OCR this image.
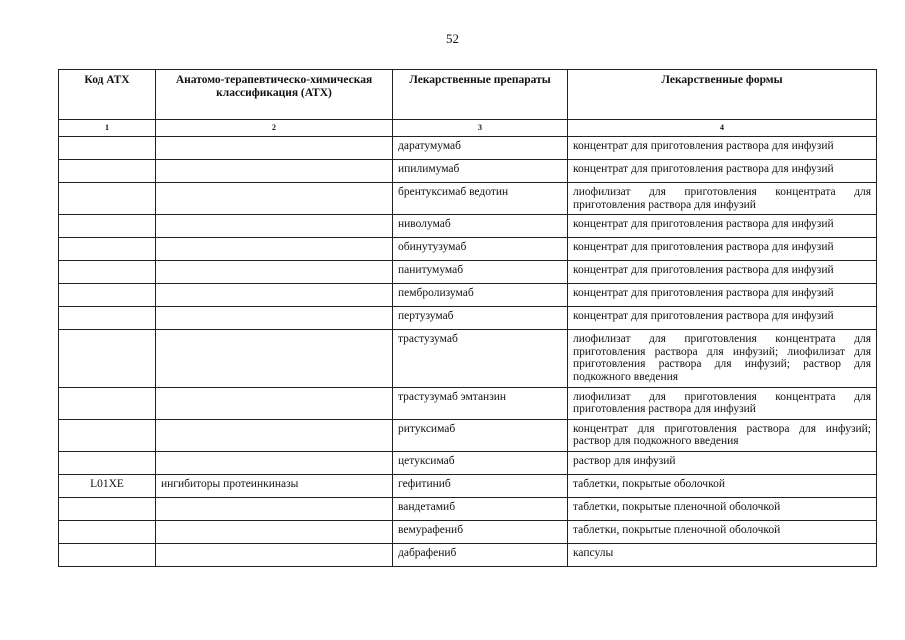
52
Код АТХ	Анатомо-терапевтическо-химическая классификация (АТХ)	Лекарственные препараты	Лекарственные формы
1	2	3	4
		даратумумаб	концентрат для приготовления раствора для инфузий
		ипилимумаб	концентрат для приготовления раствора для инфузий
		брентуксимаб ведотин	лиофилизат для приготовления концентрата для приготовления раствора для инфузий
		ниволумаб	концентрат для приготовления раствора для инфузий
		обинутузумаб	концентрат для приготовления раствора для инфузий
		панитумумаб	концентрат для приготовления раствора для инфузий
		пембролизумаб	концентрат для приготовления раствора для инфузий
		пертузумаб	концентрат для приготовления раствора для инфузий
		трастузумаб	лиофилизат для приготовления концентрата для приготовления раствора для инфузий; лиофилизат для приготовления раствора для инфузий; раствор для подкожного введения
		трастузумаб эмтанзин	лиофилизат для приготовления концентрата для приготовления раствора для инфузий
		ритуксимаб	концентрат для приготовления раствора для инфузий; раствор для подкожного введения
		цетуксимаб	раствор для инфузий
L01XE	ингибиторы протеинкиназы	гефитиниб	таблетки, покрытые оболочкой
		вандетамиб	таблетки, покрытые пленочной оболочкой
		вемурафениб	таблетки, покрытые пленочной оболочкой
		дабрафениб	капсулы
